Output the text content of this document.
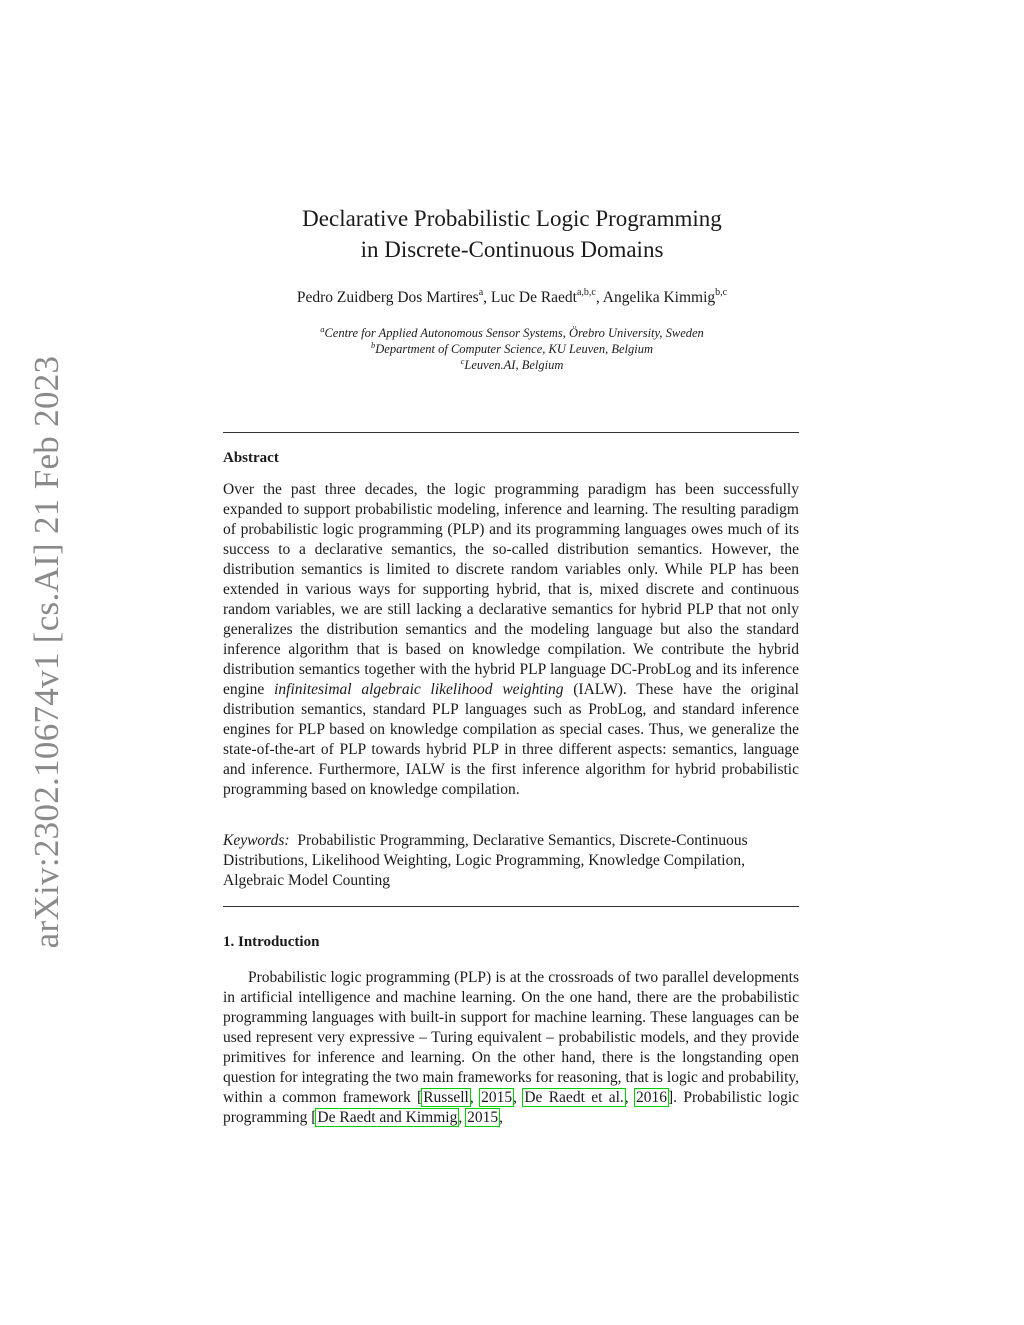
arXiv:2302.10674v1 [cs.AI] 21 Feb 2023
Declarative Probabilistic Logic Programming
in Discrete-Continuous Domains
Pedro Zuidberg Dos Martires$^a$, Luc De Raedt$^{a,b,c}$, Angelika Kimmig$^{b,c}$
$^a$Centre for Applied Autonomous Sensor Systems, Örebro University, Sweden
$^b$Department of Computer Science, KU Leuven, Belgium
$^c$Leuven.AI, Belgium
Abstract
Over the past three decades, the logic programming paradigm has been successfully expanded to support probabilistic modeling, inference and learning. The resulting paradigm of probabilistic logic programming (PLP) and its programming languages owes much of its success to a declarative semantics, the so-called distribution semantics. However, the distribution semantics is limited to discrete random variables only. While PLP has been extended in various ways for supporting hybrid, that is, mixed discrete and continuous random variables, we are still lacking a declarative semantics for hybrid PLP that not only generalizes the distribution semantics and the modeling language but also the standard inference algorithm that is based on knowledge compilation. We contribute the hybrid distribution semantics together with the hybrid PLP language DC-ProbLog and its inference engine infinitesimal algebraic likelihood weighting (IALW). These have the original distribution semantics, standard PLP languages such as ProbLog, and standard inference engines for PLP based on knowledge compilation as special cases. Thus, we generalize the state-of-the-art of PLP towards hybrid PLP in three different aspects: semantics, language and inference. Furthermore, IALW is the first inference algorithm for hybrid probabilistic programming based on knowledge compilation.
Keywords: Probabilistic Programming, Declarative Semantics, Discrete-Continuous Distributions, Likelihood Weighting, Logic Programming, Knowledge Compilation, Algebraic Model Counting
1. Introduction
Probabilistic logic programming (PLP) is at the crossroads of two parallel developments in artificial intelligence and machine learning. On the one hand, there are the probabilistic programming languages with built-in support for machine learning. These languages can be used represent very expressive – Turing equivalent – probabilistic models, and they provide primitives for inference and learning. On the other hand, there is the longstanding open question for integrating the two main frameworks for reasoning, that is logic and probability, within a common framework [Russell, 2015, De Raedt et al., 2016]. Probabilistic logic programming [De Raedt and Kimmig, 2015,
